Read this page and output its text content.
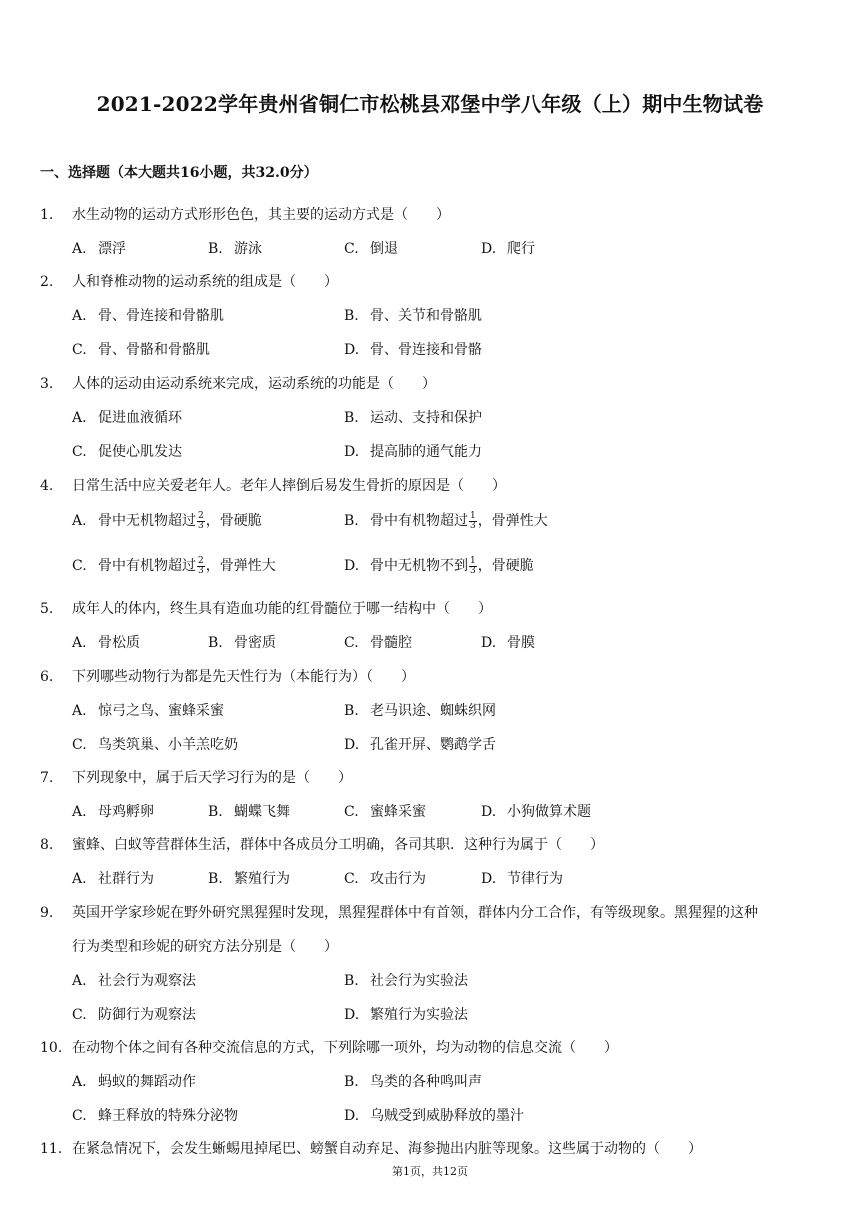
2021-2022学年贵州省铜仁市松桃县邓堡中学八年级（上）期中生物试卷
一、选择题（本大题共16小题，共32.0分）
1. 水生动物的运动方式形形色色，其主要的运动方式是（　　）
A. 漂浮	B. 游泳	C. 倒退	D. 爬行
2. 人和脊椎动物的运动系统的组成是（　　）
A. 骨、骨连接和骨骼肌	B. 骨、关节和骨骼肌
C. 骨、骨骼和骨骼肌	D. 骨、骨连接和骨骼
3. 人体的运动由运动系统来完成，运动系统的功能是（　　）
A. 促进血液循环	B. 运动、支持和保护
C. 促使心肌发达	D. 提高肺的通气能力
4. 日常生活中应关爱老年人。老年人摔倒后易发生骨折的原因是（　　）
A. 骨中无机物超过 $\frac{2}{3}$ ，骨硬脆	B. 骨中有机物超过 $\frac{1}{3}$ ，骨弹性大
C. 骨中有机物超过 $\frac{2}{3}$ ，骨弹性大	D. 骨中无机物不到 $\frac{1}{3}$ ，骨硬脆
5. 成年人的体内，终生具有造血功能的红骨髓位于哪一结构中（　　）
A. 骨松质	B. 骨密质	C. 骨髓腔	D. 骨膜
6. 下列哪些动物行为都是先天性行为（本能行为）（　　）
A. 惊弓之鸟、蜜蜂采蜜	B. 老马识途、蜘蛛织网
C. 鸟类筑巢、小羊羔吃奶	D. 孔雀开屏、鹦鹉学舌
7. 下列现象中，属于后天学习行为的是（　　）
A. 母鸡孵卵	B. 蝴蝶飞舞	C. 蜜蜂采蜜	D. 小狗做算术题
8. 蜜蜂、白蚁等营群体生活，群体中各成员分工明确，各司其职．这种行为属于（　　）
A. 社群行为	B. 繁殖行为	C. 攻击行为	D. 节律行为
9. 英国开学家珍妮在野外研究黑猩猩时发现，黑猩猩群体中有首领，群体内分工合作，有等级现象。黑猩猩的这种
行为类型和珍妮的研究方法分别是（　　）
A. 社会行为观察法	B. 社会行为实验法
C. 防御行为观察法	D. 繁殖行为实验法
10. 在动物个体之间有各种交流信息的方式，下列除哪一项外，均为动物的信息交流（　　）
A. 蚂蚁的舞蹈动作	B. 鸟类的各种鸣叫声
C. 蜂王释放的特殊分泌物	D. 乌贼受到威胁释放的墨汁
11. 在紧急情况下，会发生蜥蜴甩掉尾巴、螃蟹自动弃足、海参抛出内脏等现象。这些属于动物的（　　）
第1页，共12页
